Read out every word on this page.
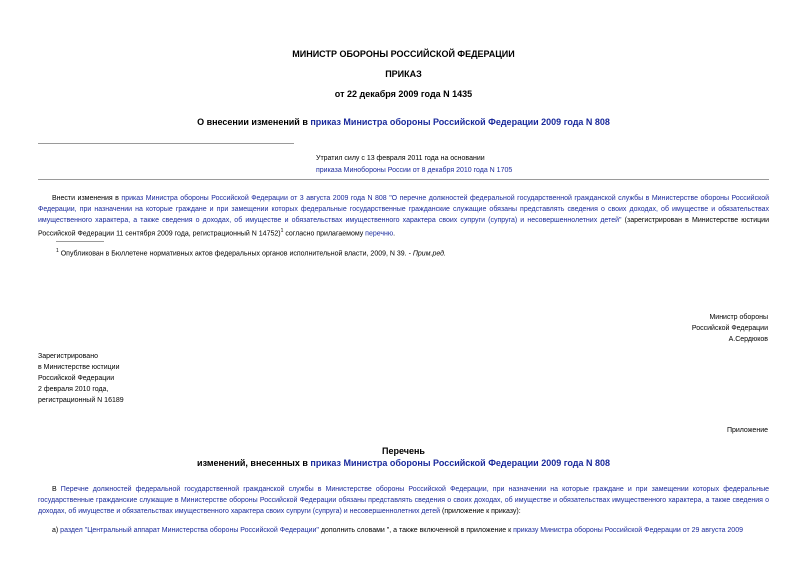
МИНИСТР ОБОРОНЫ РОССИЙСКОЙ ФЕДЕРАЦИИ
ПРИКАЗ
от 22 декабря 2009 года N 1435
О внесении изменений в приказ Министра обороны Российской Федерации 2009 года N 808
Утратил силу с 13 февраля 2011 года на основании
приказа Минобороны России от 8 декабря 2010 года N 1705
Внести изменения в приказ Министра обороны Российской Федерации от 3 августа 2009 года N 808 "О перечне должностей федеральной государственной гражданской службы в Министерстве обороны Российской Федерации, при назначении на которые граждане и при замещении которых федеральные государственные гражданские служащие обязаны представлять сведения о своих доходах, об имуществе и обязательствах имущественного характера, а также сведения о доходах, об имуществе и обязательствах имущественного характера своих супруги (супруга) и несовершеннолетних детей" (зарегистрирован в Министерстве юстиции Российской Федерации 11 сентября 2009 года, регистрационный N 14752)$^1$ согласно прилагаемому перечню.
$^1$ Опубликован в Бюллетене нормативных актов федеральных органов исполнительной власти, 2009, N 39. - Прим.ред.
Министр обороны
Российской Федерации
А.Сердюков
Зарегистрировано
в Министерстве юстиции
Российской Федерации
2 февраля 2010 года,
регистрационный N 16189
Приложение
Перечень
изменений, внесенных в приказ Министра обороны Российской Федерации 2009 года N 808
В Перечне должностей федеральной государственной гражданской службы в Министерстве обороны Российской Федерации, при назначении на которые граждане и при замещении которых федеральные государственные гражданские служащие в Министерстве обороны Российской Федерации обязаны представлять сведения о своих доходах, об имуществе и обязательствах имущественного характера, а также сведения о доходах, об имуществе и обязательствах имущественного характера своих супруги (супруга) и несовершеннолетних детей (приложение к приказу):
а) раздел "Центральный аппарат Министерства обороны Российской Федерации" дополнить словами ", а также включенной в приложение к приказу Министра обороны Российской Федерации от 29 августа 2009
